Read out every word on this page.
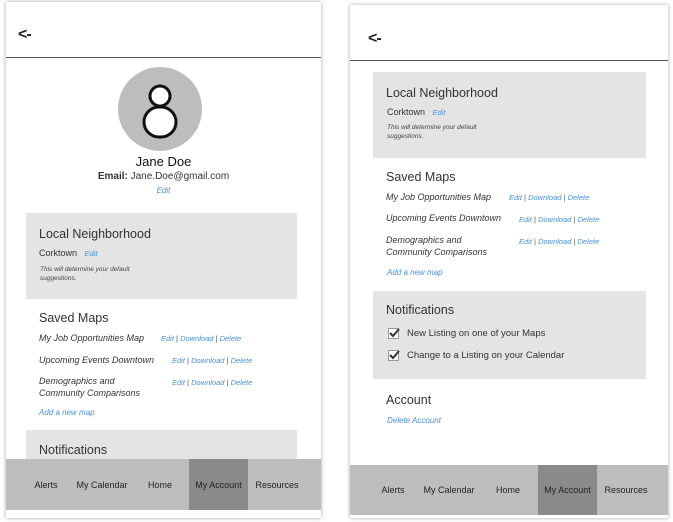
<-
Jane Doe
Email: Jane.Doe@gmail.com
Edit
Local Neighborhood
Corktown Edit
This will determine your default
suggestions.
Saved Maps
My Job Opportunities Map Edit | Download | Delete
Upcoming Events Downtown Edit | Download | Delete
Demographics and
Community Comparisons
Edit | Download | Delete
Add a new map
Notifications
Alerts	My Calendar	Home	My Account	Resources
<-
Local Neighborhood
Corktown Edit
This will determine your default
suggestions.
Saved Maps
My Job Opportunities Map Edit | Download | Delete
Upcoming Events Downtown Edit | Download | Delete
Demographics and
Community Comparisons
Edit | Download | Delete
Add a new map
Notifications
New Listing on one of your Maps
Change to a Listing on your Calendar
Account
Delete Account
Alerts	My Calendar	Home	My Account	Resources
